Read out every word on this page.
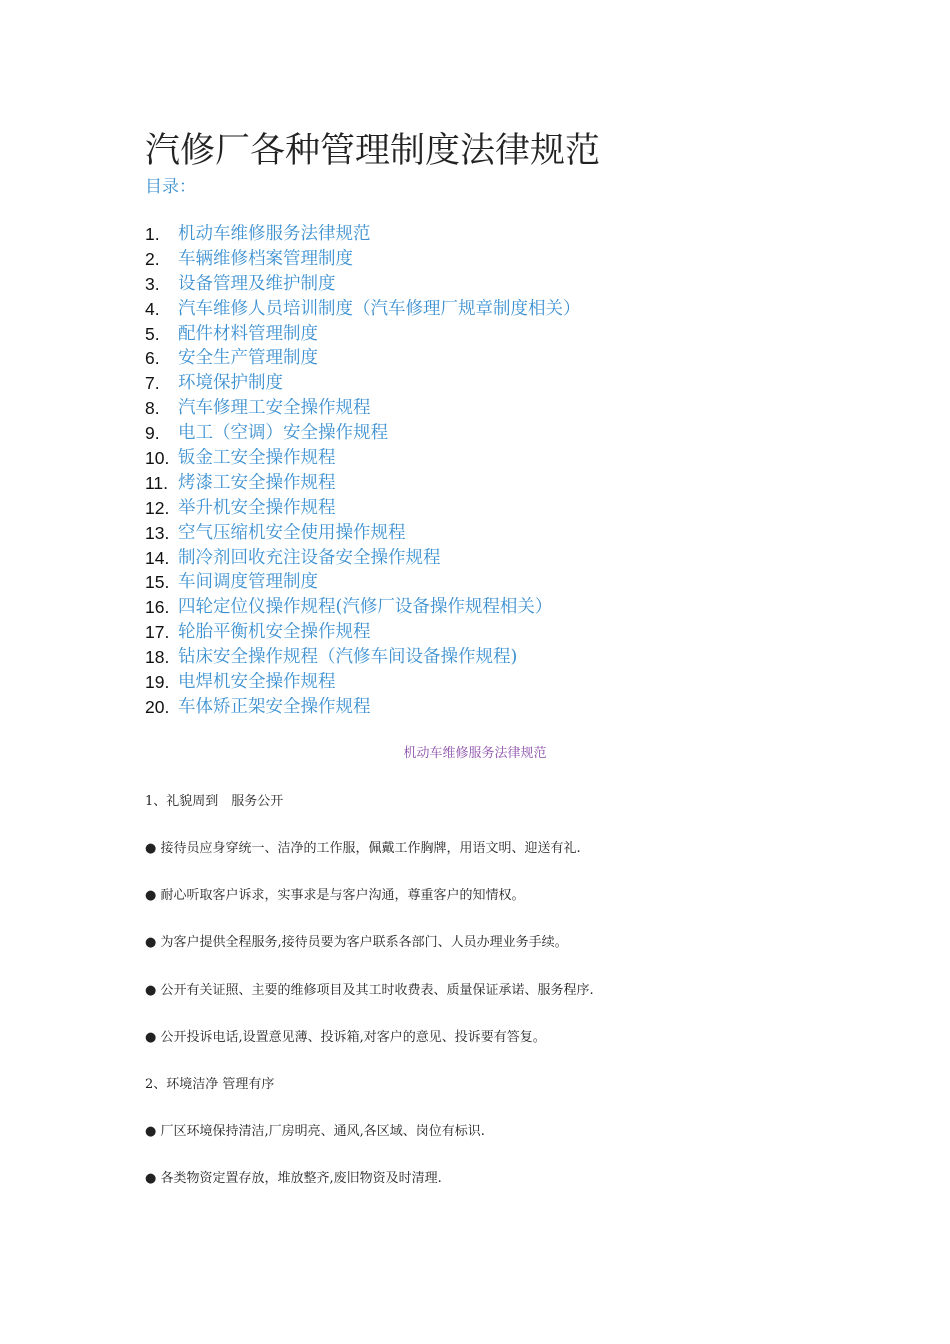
汽修厂各种管理制度法律规范
目录：
1.	机动车维修服务法律规范
2.	车辆维修档案管理制度
3.	设备管理及维护制度
4.	汽车维修人员培训制度（汽车修理厂规章制度相关）
5.	配件材料管理制度
6.	安全生产管理制度
7.	环境保护制度
8.	汽车修理工安全操作规程
9.	电工（空调）安全操作规程
10. 钣金工安全操作规程
11. 烤漆工安全操作规程
12. 举升机安全操作规程
13. 空气压缩机安全使用操作规程
14. 制冷剂回收充注设备安全操作规程
15. 车间调度管理制度
16. 四轮定位仪操作规程(汽修厂设备操作规程相关）
17. 轮胎平衡机安全操作规程
18. 钻床安全操作规程（汽修车间设备操作规程)
19. 电焊机安全操作规程
20. 车体矫正架安全操作规程
机动车维修服务法律规范
1、礼貌周到　服务公开
● 接待员应身穿统一、洁净的工作服，佩戴工作胸牌，用语文明、迎送有礼.
● 耐心听取客户诉求，实事求是与客户沟通，尊重客户的知情权。
● 为客户提供全程服务,接待员要为客户联系各部门、人员办理业务手续。
● 公开有关证照、主要的维修项目及其工时收费表、质量保证承诺、服务程序.
● 公开投诉电话,设置意见薄、投诉箱,对客户的意见、投诉要有答复。
2、环境洁净 管理有序
● 厂区环境保持清洁,厂房明亮、通风,各区域、岗位有标识.
● 各类物资定置存放，堆放整齐,废旧物资及时清理.
